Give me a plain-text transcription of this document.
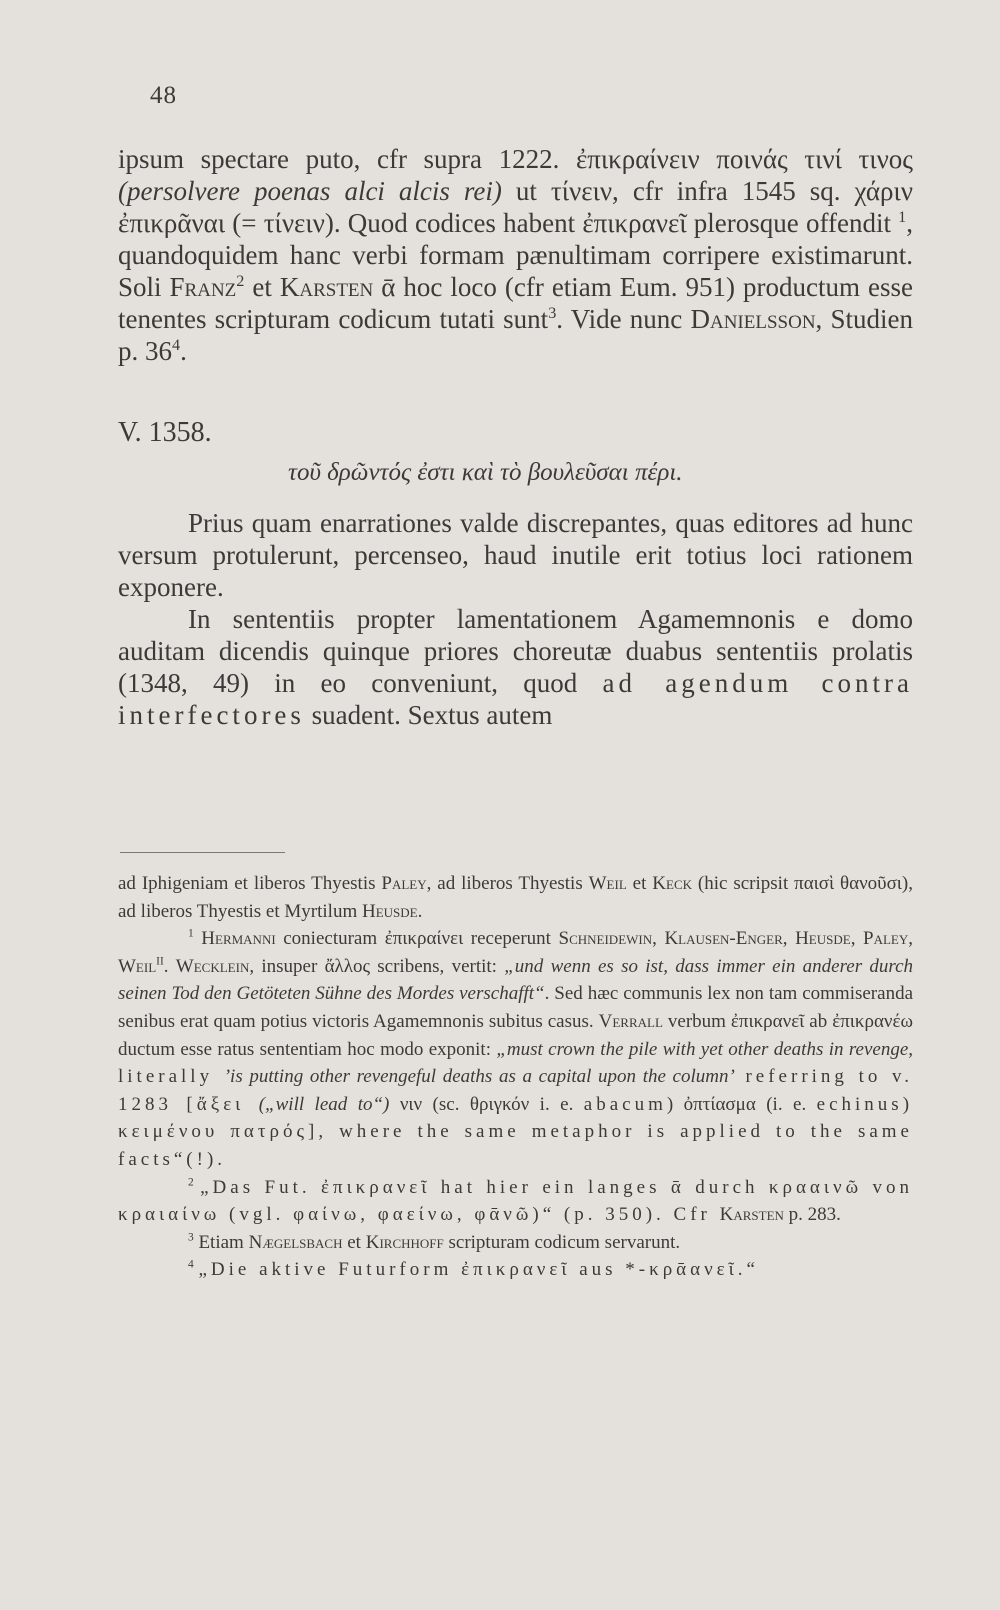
48

ipsum spectare puto, cfr supra 1222. ἐπικραίνειν ποινάς τινί τινος (persolvere poenas alci alcis rei) ut τίνειν, cfr infra 1545 sq. χάριν ἐπικρᾶναι (= τίνειν). Quod codices habent ἐπικρανεῖ plerosque offendit $^1$, quandoquidem hanc verbi formam pænultimam corripere existimarunt. Soli Franz$^2$ et Karsten ᾱ hoc loco (cfr etiam Eum. 951) productum esse tenentes scripturam codicum tutati sunt$^3$. Vide nunc Danielsson, Studien p. $36^4$.

V. 1358.

τοῦ δρῶντός ἐστι καὶ τὸ βουλεῦσαι πέρι.

Prius quam enarrationes valde discrepantes, quas editores ad hunc versum protulerunt, percenseo, haud inutile erit totius loci rationem exponere.

In sententiis propter lamentationem Agamemnonis e domo auditam dicendis quinque priores choreutæ duabus sententiis prolatis (1348, 49) in eo conveniunt, quod ad agendum contra interfectores suadent. Sextus autem

ad Iphigeniam et liberos Thyestis Paley, ad liberos Thyestis Weil et Keck (hic scripsit παισὶ θανοῦσι), ad liberos Thyestis et Myrtilum Heusde.

$^1$ Hermanni coniecturam ἐπικραίνει receperunt Schneidewin, Klausen-Enger, Heusde, Paley, Weil$^{II}$. Wecklein, insuper ἄλλος scribens, vertit: „und wenn es so ist, dass immer ein anderer durch seinen Tod den Getöteten Sühne des Mordes verschafft“. Sed hæc communis lex non tam commiseranda senibus erat quam potius victoris Agamemnonis subitus casus. Verrall verbum ἐπικρανεῖ ab ἐπικρανέω ductum esse ratus sententiam hoc modo exponit: „must crown the pile with yet other deaths in revenge, literally ’is putting other revengeful deaths as a capital upon the column’ referring to v. 1283 [ἄξει („will lead to“) νιν (sc. θριγκόν i. e. abacum) ὀπτίασμα (i. e. echinus) κειμένου πατρός], where the same metaphor is applied to the same facts“(!).

$^2$ „Das Fut. ἐπικρανεῖ hat hier ein langes ᾱ durch κρααινῶ von κραιαίνω (vgl. φαίνω, φαείνω, φᾱνῶ)“ (p. 350). Cfr Karsten p. 283.

$^3$ Etiam Nægelsbach et Kirchhoff scripturam codicum servarunt.

$^4$ „Die aktive Futurform ἐπικρανεῖ aus *-κρᾱανεῖ.“
